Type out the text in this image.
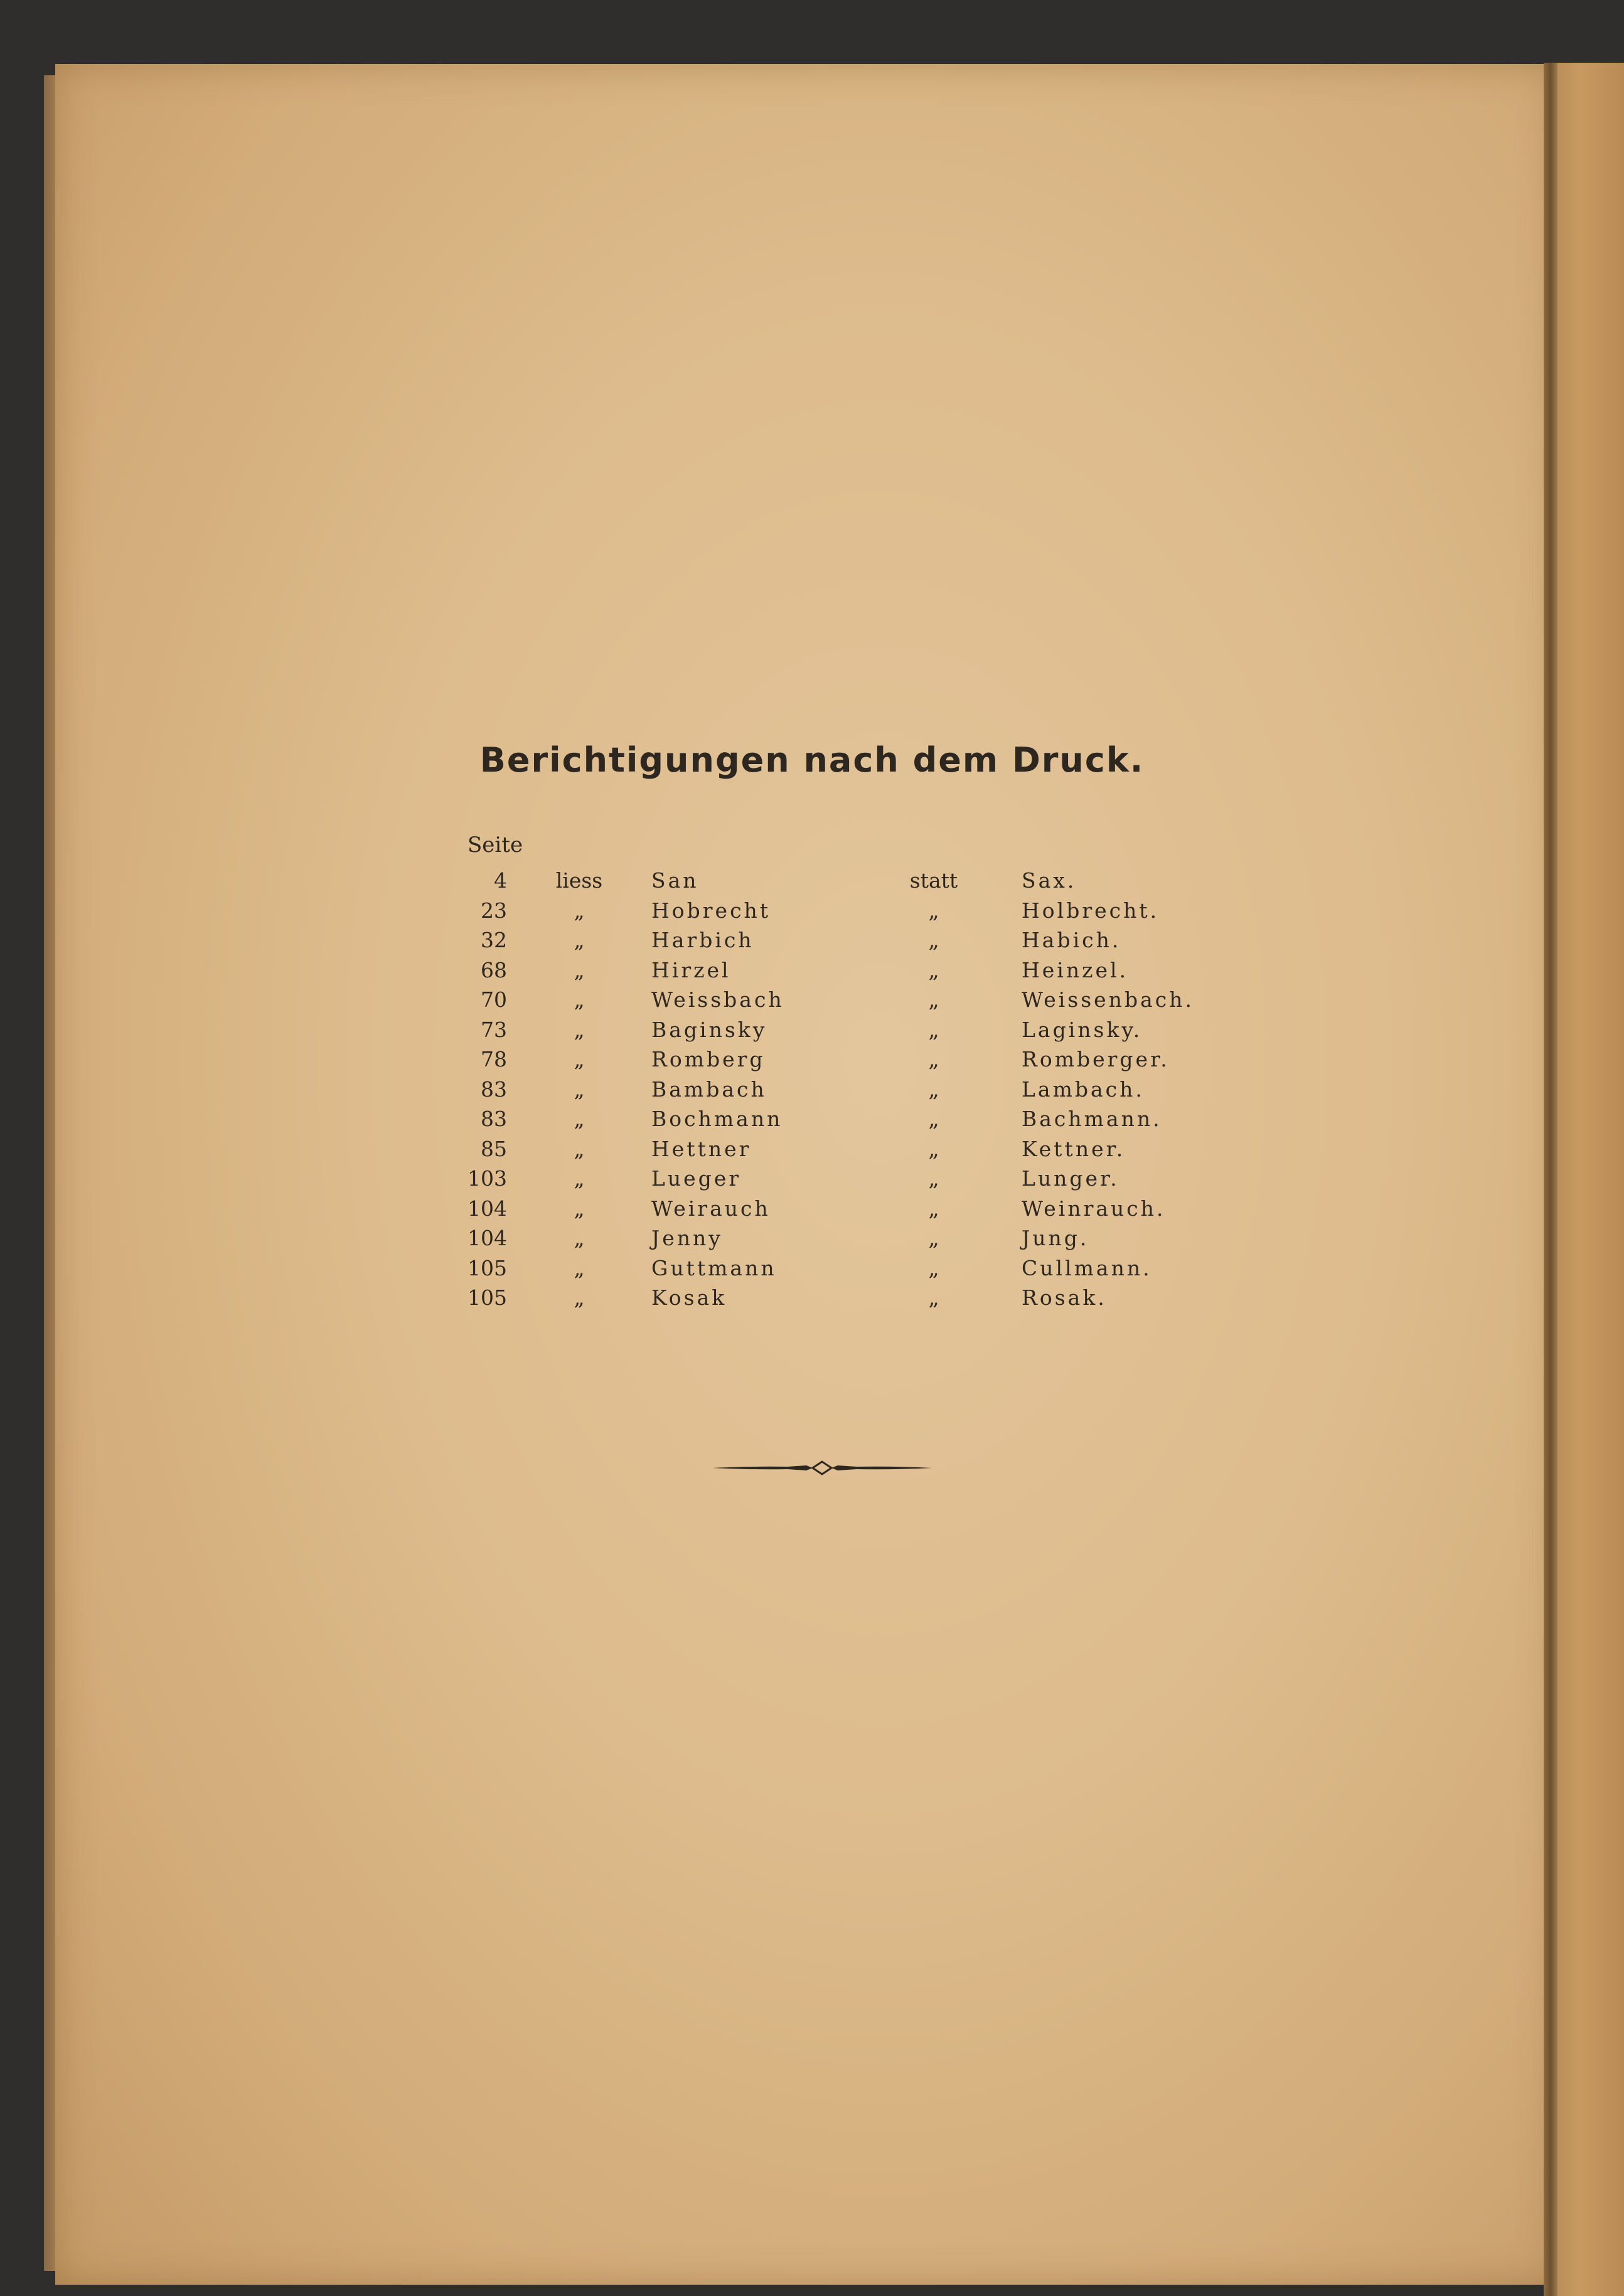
Berichtigungen nach dem Druck.
Seite
4	liess	San	statt	Sax.
23	„	Hobrecht	„	Holbrecht.
32	„	Harbich	„	Habich.
68	„	Hirzel	„	Heinzel.
70	„	Weissbach	„	Weissenbach.
73	„	Baginsky	„	Laginsky.
78	„	Romberg	„	Romberger.
83	„	Bambach	„	Lambach.
83	„	Bochmann	„	Bachmann.
85	„	Hettner	„	Kettner.
103	„	Lueger	„	Lunger.
104	„	Weirauch	„	Weinrauch.
104	„	Jenny	„	Jung.
105	„	Guttmann	„	Cullmann.
105	„	Kosak	„	Rosak.
